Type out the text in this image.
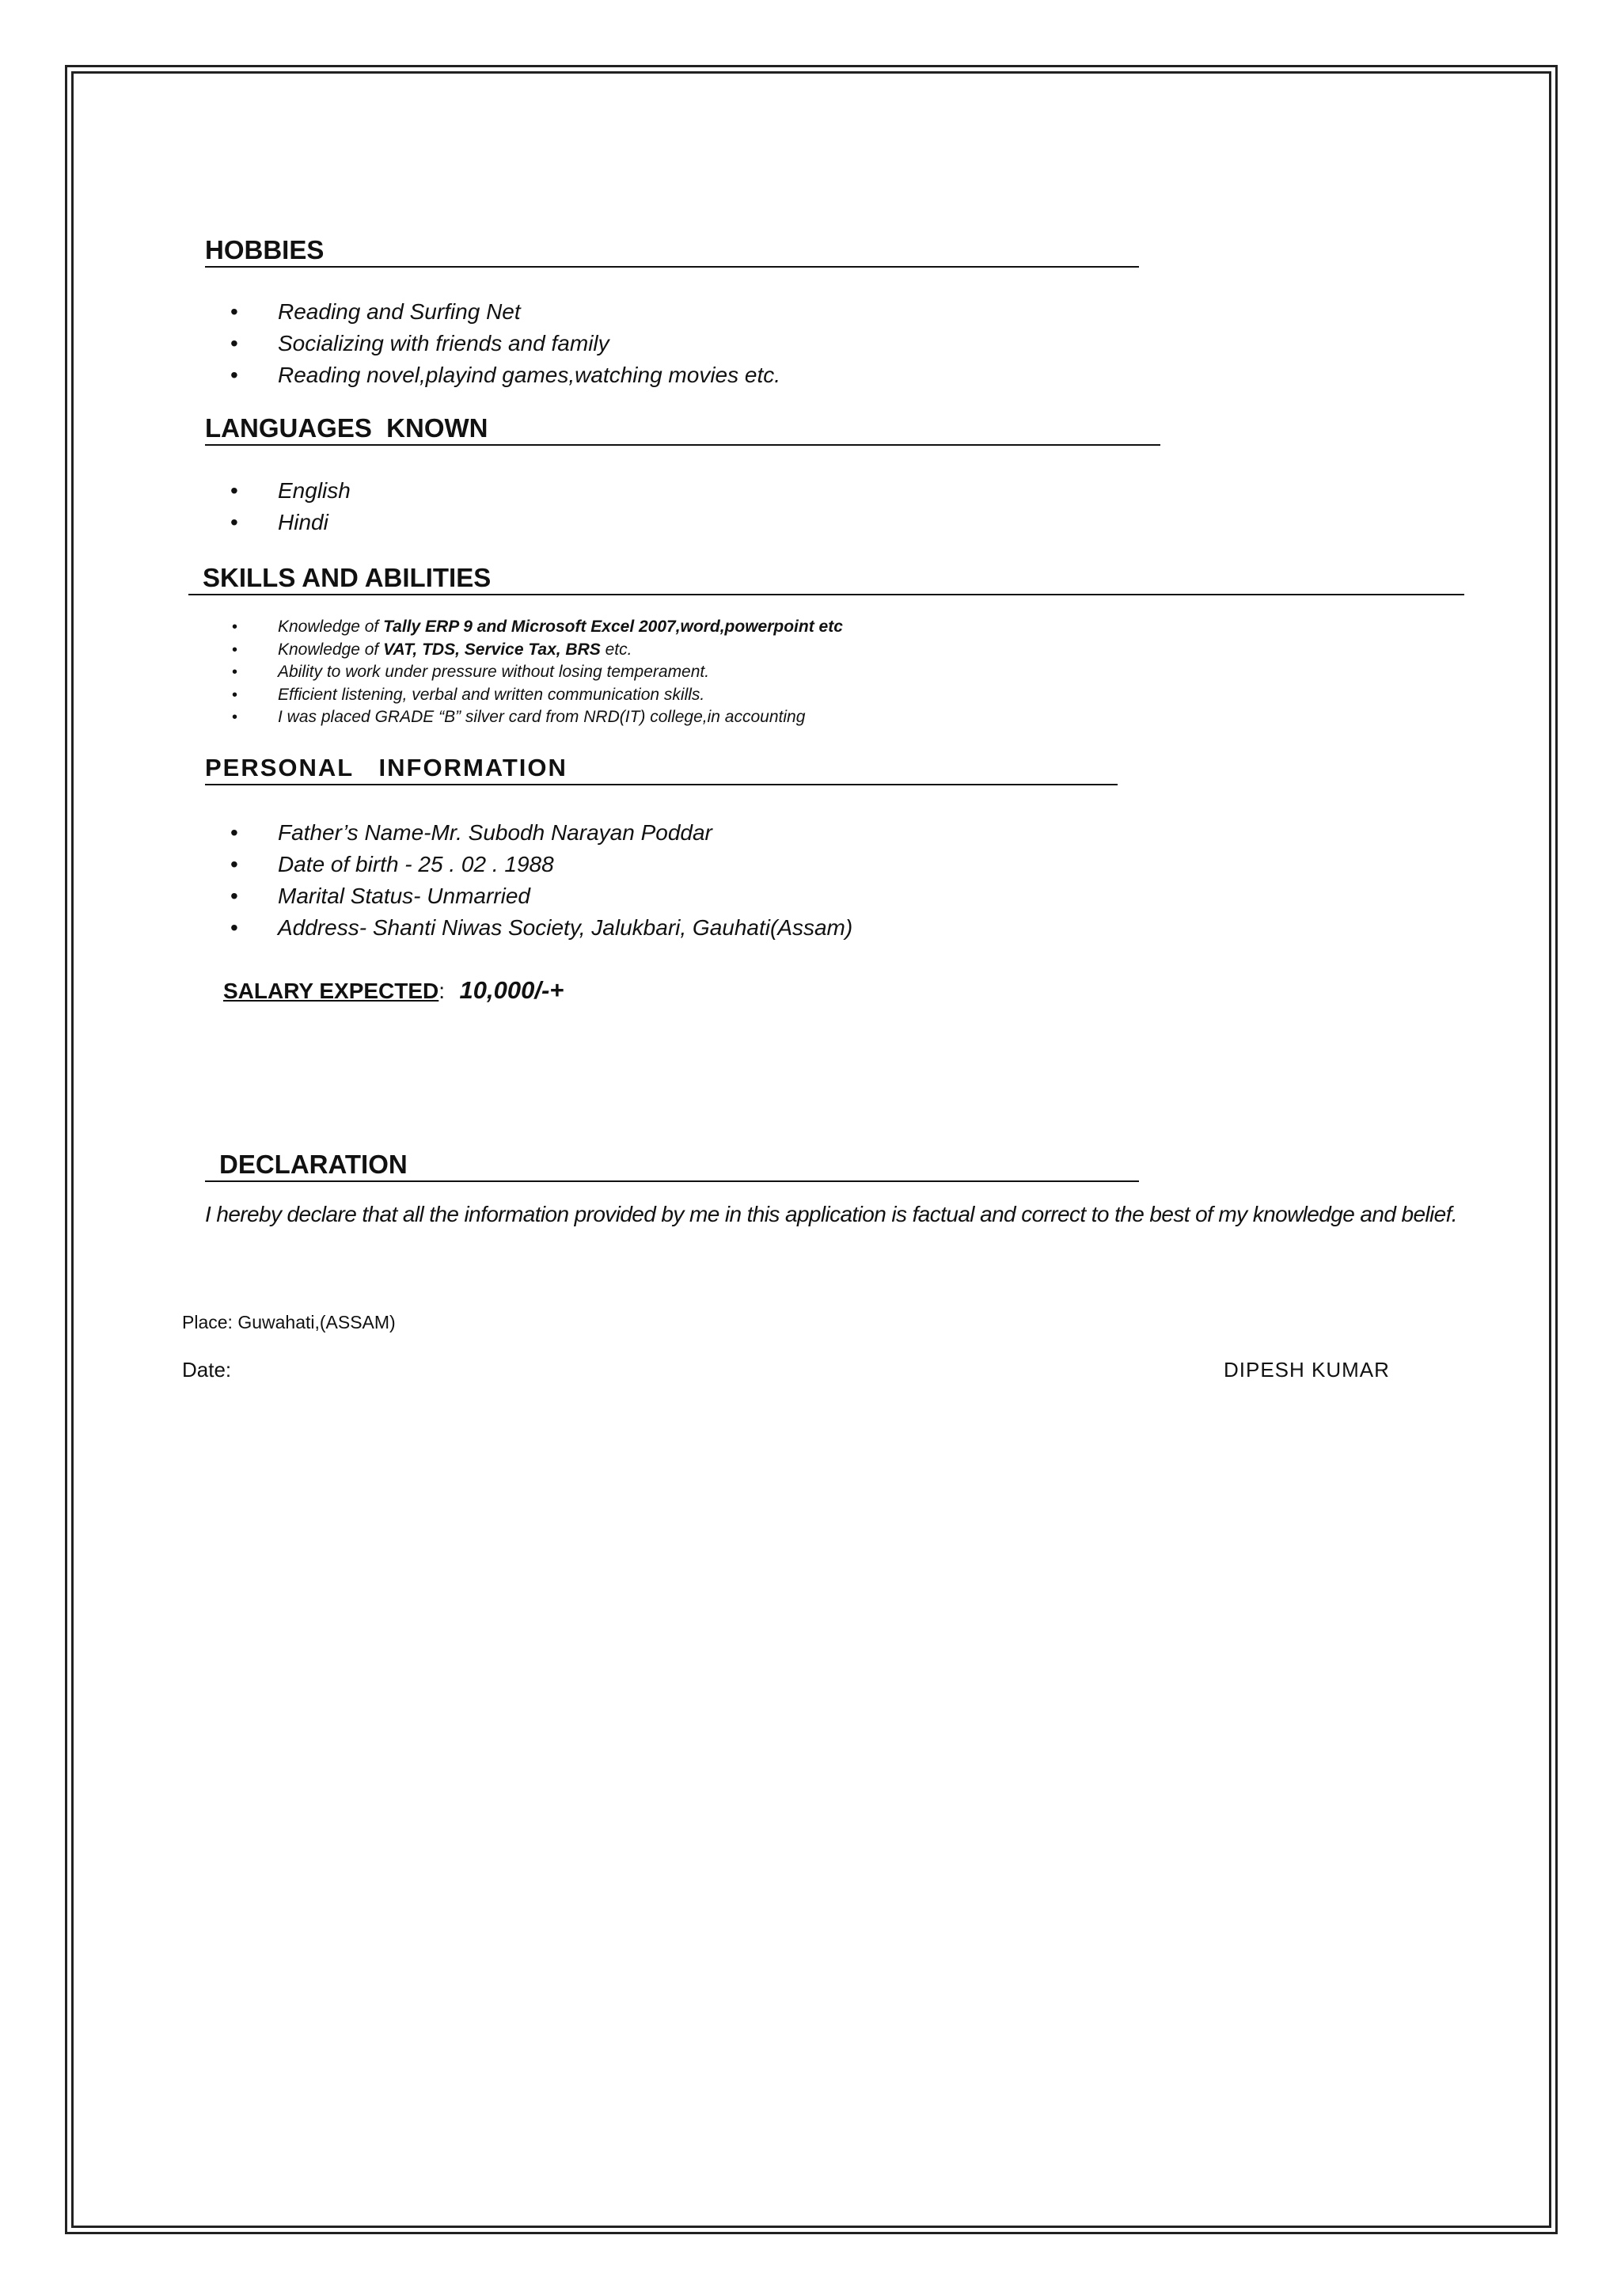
HOBBIES
• Reading and Surfing Net
• Socializing with friends and family
• Reading novel,playind games,watching movies etc.
LANGUAGES  KNOWN
• English
• Hindi
SKILLS AND ABILITIES
• Knowledge of Tally ERP 9 and Microsoft Excel 2007,word,powerpoint etc
• Knowledge of VAT, TDS, Service Tax, BRS etc.
• Ability to work under pressure without losing temperament.
• Efficient listening, verbal and written communication skills.
• I was placed GRADE “B” silver card from NRD(IT) college,in accounting
PERSONAL   INFORMATION
• Father’s Name-Mr. Subodh Narayan Poddar
• Date of birth - 25 . 02 . 1988
• Marital Status- Unmarried
• Address- Shanti Niwas Society, Jalukbari, Gauhati(Assam)
SALARY EXPECTED: 10,000/-+
DECLARATION
I hereby declare that all the information provided by me in this application is factual and correct to the best of my knowledge and belief.
Place: Guwahati,(ASSAM)
Date:	DIPESH KUMAR
